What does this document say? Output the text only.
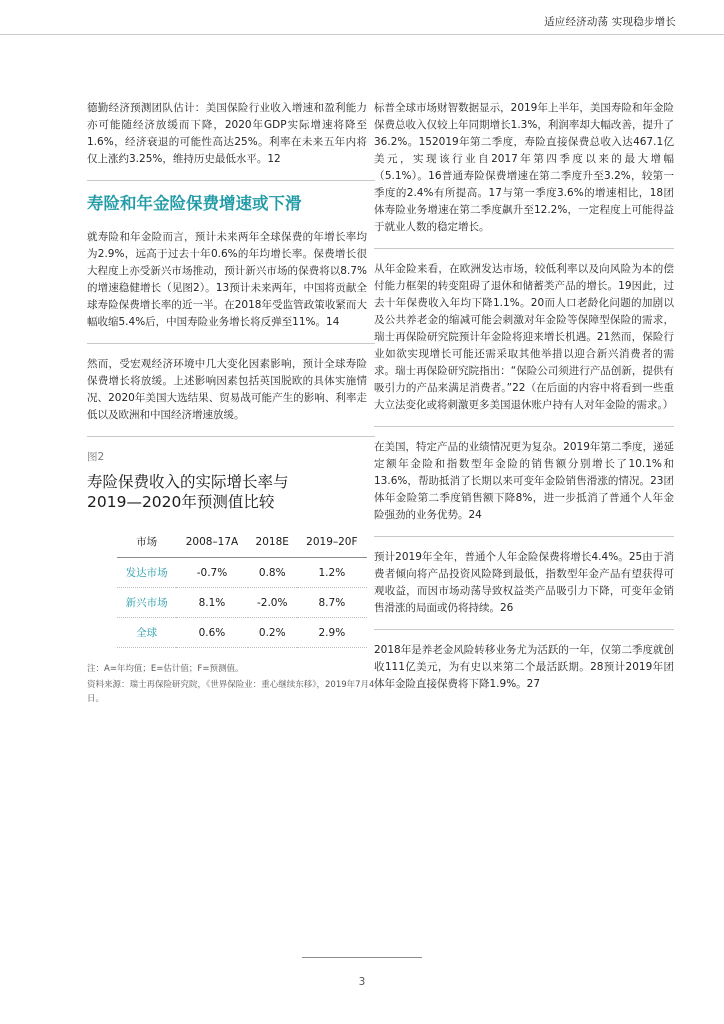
适应经济动荡 实现稳步增长

德勤经济预测团队估计：美国保险行业收入增速和盈利能力亦可能随经济放缓而下降，2020年GDP实际增速将降至1.6%，经济衰退的可能性高达25%。利率在未来五年内将仅上涨约3.25%，维持历史最低水平。12

寿险和年金险保费增速或下滑

就寿险和年金险而言，预计未来两年全球保费的年增长率均为2.9%，远高于过去十年0.6%的年均增长率。保费增长很大程度上亦受新兴市场推动，预计新兴市场的保费将以8.7%的增速稳健增长（见图2）。13预计未来两年，中国将贡献全球寿险保费增长率的近一半。在2018年受监管政策收紧而大幅收缩5.4%后，中国寿险业务增长将反弹至11%。14

然而，受宏观经济环境中几大变化因素影响，预计全球寿险保费增长将放缓。上述影响因素包括英国脱欧的具体实施情况、2020年美国大选结果、贸易战可能产生的影响、利率走低以及欧洲和中国经济增速放缓。

图2
寿险保费收入的实际增长率与
2019—2020年预测值比较
市场	2008–17A	2018E	2019–20F
发达市场	-0.7%	0.8%	1.2%
新兴市场	8.1%	-2.0%	8.7%
全球	0.6%	0.2%	2.9%

注：A=年均值；E=估计值；F=预测值。

资料来源：瑞士再保险研究院，《世界保险业：重心继续东移》，2019年7月4日。

标普全球市场财智数据显示，2019年上半年，美国寿险和年金险保费总收入仅较上年同期增长1.3%，利润率却大幅改善，提升了36.2%。152019年第二季度，寿险直接保费总收入达467.1亿美元，实现该行业自2017年第四季度以来的最大增幅（5.1%）。16普通寿险保费增速在第二季度升至3.2%，较第一季度的2.4%有所提高。17与第一季度3.6%的增速相比，18团体寿险业务增速在第二季度飙升至12.2%，一定程度上可能得益于就业人数的稳定增长。

从年金险来看，在欧洲发达市场，较低利率以及向风险为本的偿付能力框架的转变阻碍了退休和储蓄类产品的增长。19因此，过去十年保费收入年均下降1.1%。20而人口老龄化问题的加剧以及公共养老金的缩减可能会刺激对年金险等保障型保险的需求，瑞士再保险研究院预计年金险将迎来增长机遇。21然而，保险行业如欲实现增长可能还需采取其他举措以迎合新兴消费者的需求。瑞士再保险研究院指出：“保险公司须进行产品创新，提供有吸引力的产品来满足消费者。”22（在后面的内容中将看到一些重大立法变化或将刺激更多美国退休账户持有人对年金险的需求。）

在美国，特定产品的业绩情况更为复杂。2019年第二季度，递延定额年金险和指数型年金险的销售额分别增长了10.1%和13.6%，帮助抵消了长期以来可变年金险销售滑涨的情况。23团体年金险第二季度销售额下降8%，进一步抵消了普通个人年金险强劲的业务优势。24

预计2019年全年，普通个人年金险保费将增长4.4%。25由于消费者倾向将产品投资风险降到最低，指数型年金产品有望获得可观收益，而因市场动荡导致权益类产品吸引力下降，可变年金销售滑涨的局面或仍将持续。26

2018年是养老金风险转移业务尤为活跃的一年，仅第二季度就创收111亿美元，为有史以来第二个最活跃期。28预计2019年团体年金险直接保费将下降1.9%。27

3
